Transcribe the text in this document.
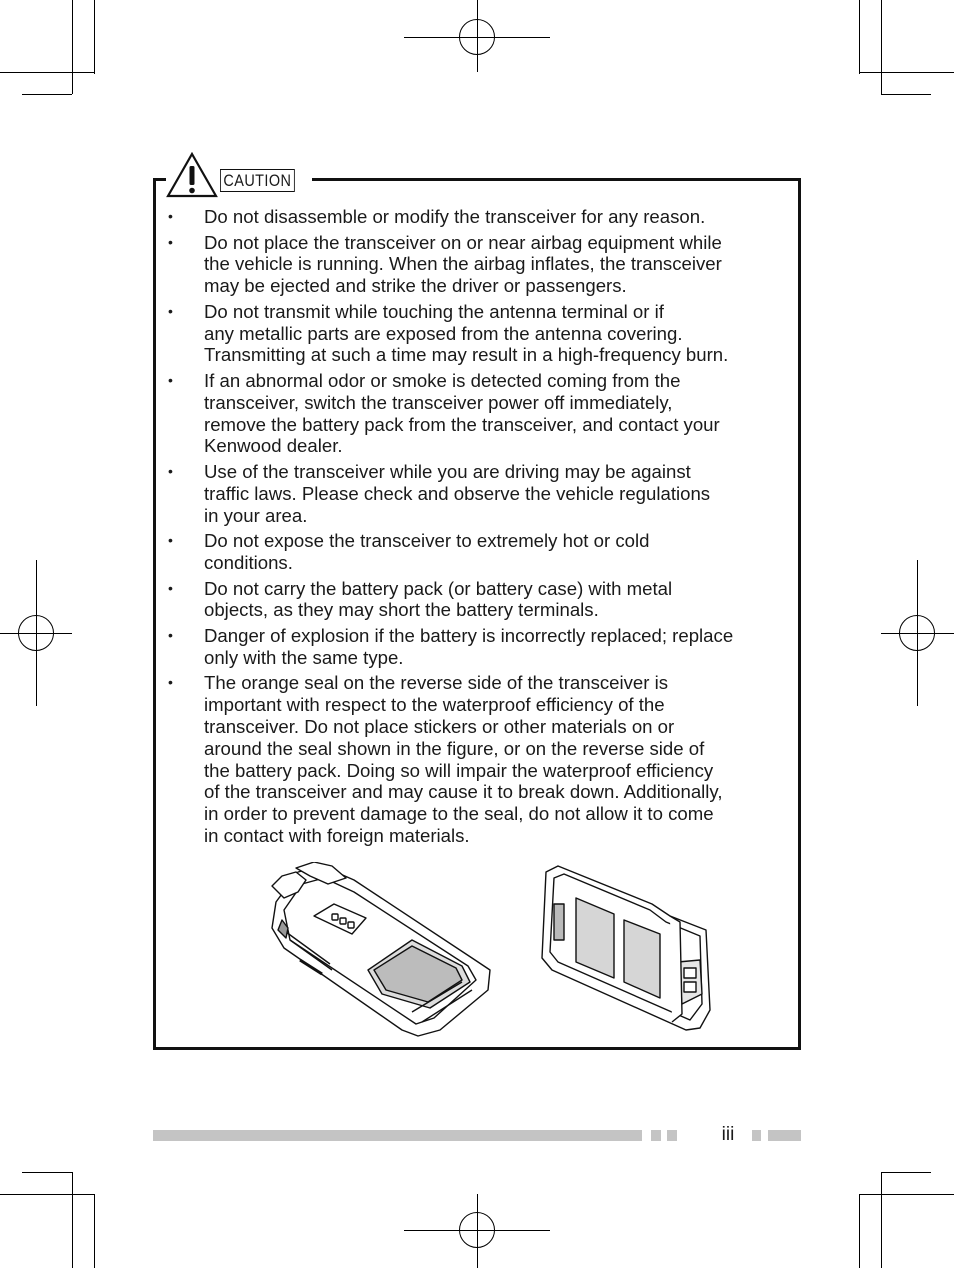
CAUTION
• Do not disassemble or modify the transceiver for any reason.
• Do not place the transceiver on or near airbag equipment while
the vehicle is running. When the airbag inflates, the transceiver
may be ejected and strike the driver or passengers.
• Do not transmit while touching the antenna terminal or if
any metallic parts are exposed from the antenna covering.
Transmitting at such a time may result in a high-frequency burn.
• If an abnormal odor or smoke is detected coming from the
transceiver, switch the transceiver power off immediately,
remove the battery pack from the transceiver, and contact your
Kenwood dealer.
• Use of the transceiver while you are driving may be against
traffic laws. Please check and observe the vehicle regulations
in your area.
• Do not expose the transceiver to extremely hot or cold
conditions.
• Do not carry the battery pack (or battery case) with metal
objects, as they may short the battery terminals.
• Danger of explosion if the battery is incorrectly replaced; replace
only with the same type.
• The orange seal on the reverse side of the transceiver is
important with respect to the waterproof efficiency of the
transceiver. Do not place stickers or other materials on or
around the seal shown in the figure, or on the reverse side of
the battery pack. Doing so will impair the waterproof efficiency
of the transceiver and may cause it to break down. Additionally,
in order to prevent damage to the seal, do not allow it to come
in contact with foreign materials.
iii
